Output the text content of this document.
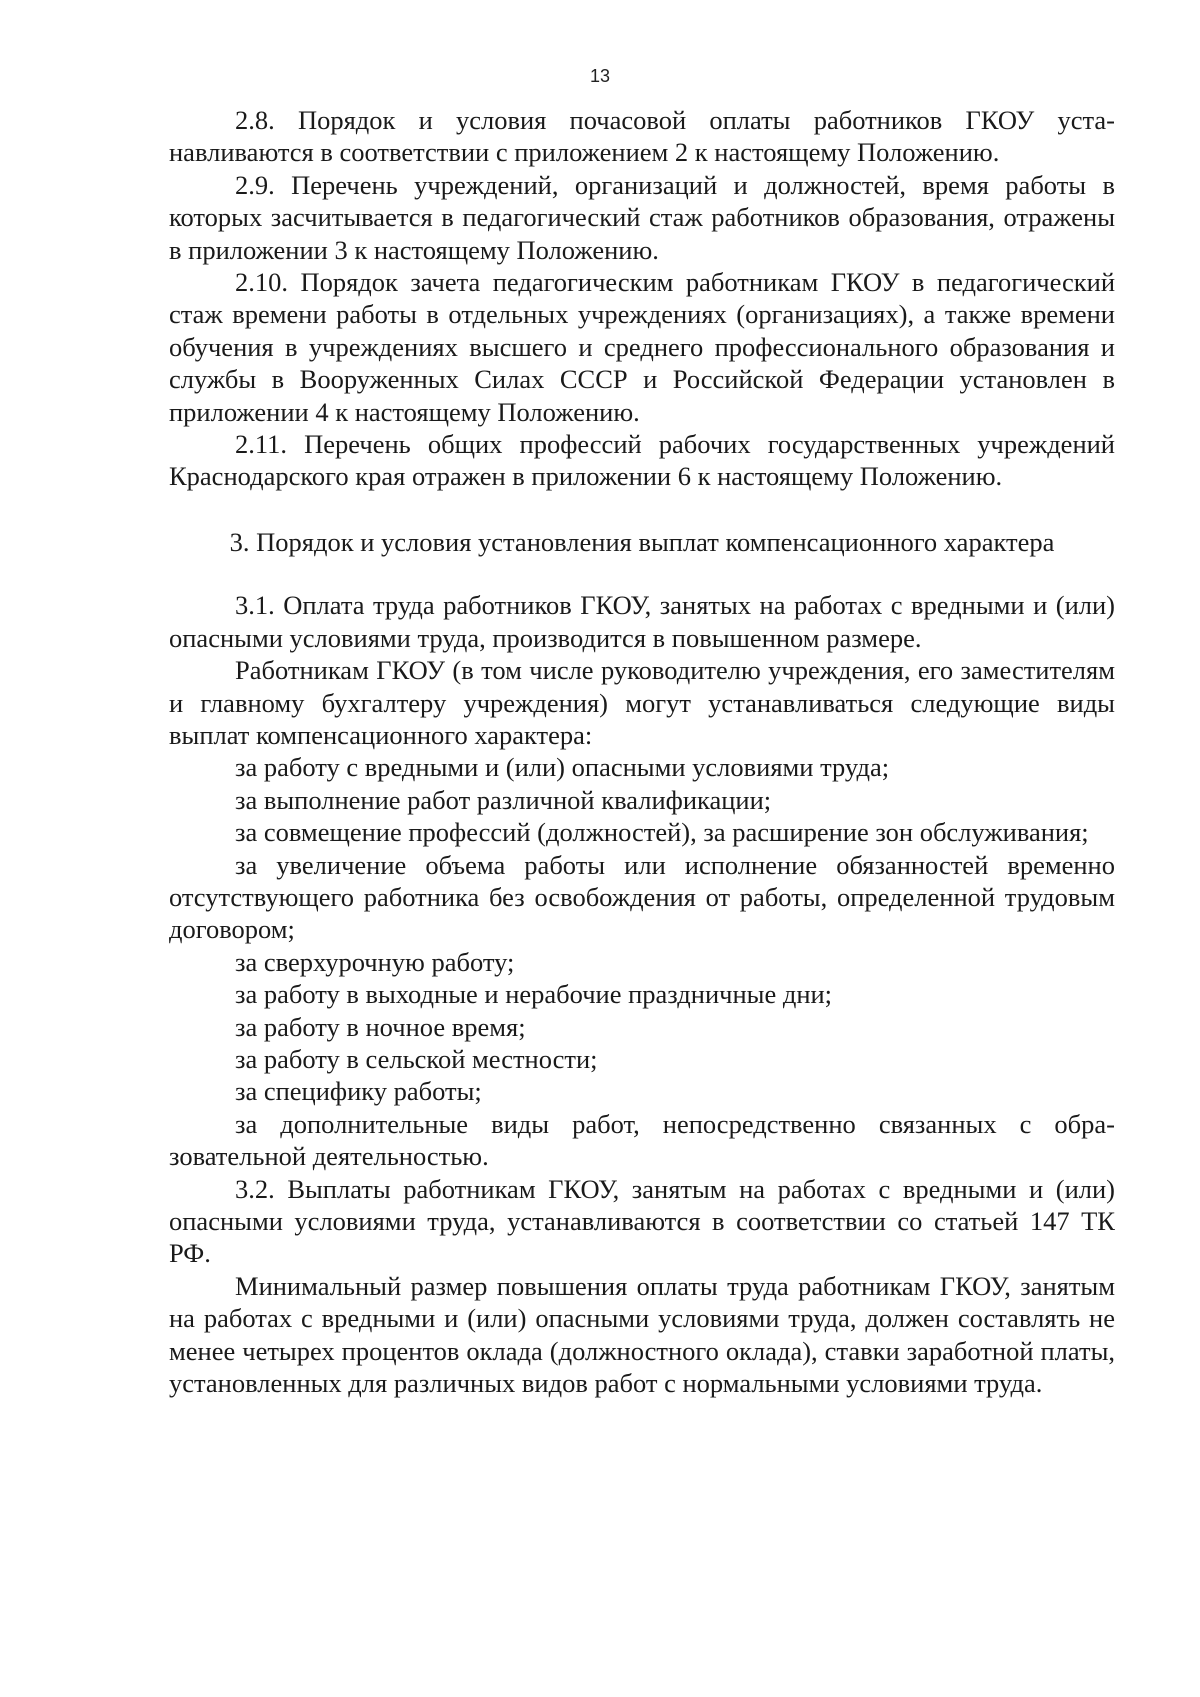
13

2.8. Порядок и условия почасовой оплаты работников ГКОУ устанавливаются в соответствии с приложением 2 к настоящему Положению.

2.9. Перечень учреждений, организаций и должностей, время работы в которых засчитывается в педагогический стаж работников образования, отражены в приложении 3 к настоящему Положению.

2.10. Порядок зачета педагогическим работникам ГКОУ в педагогический стаж времени работы в отдельных учреждениях (организациях), а также времени обучения в учреждениях высшего и среднего профессионального образования и службы в Вооруженных Силах СССР и Российской Федерации установлен в приложении 4 к настоящему Положению.

2.11. Перечень общих профессий рабочих государственных учреждений Краснодарского края отражен в приложении 6 к настоящему Положению.

3. Порядок и условия установления выплат компенсационного характера

3.1. Оплата труда работников ГКОУ, занятых на работах с вредными и (или) опасными условиями труда, производится в повышенном размере.

Работникам ГКОУ (в том числе руководителю учреждения, его заместителям и главному бухгалтеру учреждения) могут устанавливаться следующие виды выплат компенсационного характера:

за работу с вредными и (или) опасными условиями труда;

за выполнение работ различной квалификации;

за совмещение профессий (должностей), за расширение зон обслуживания;

за увеличение объема работы или исполнение обязанностей временно отсутствующего работника без освобождения от работы, определенной трудовым договором;

за сверхурочную работу;

за работу в выходные и нерабочие праздничные дни;

за работу в ночное время;

за работу в сельской местности;

за специфику работы;

за дополнительные виды работ, непосредственно связанных с образовательной деятельностью.

3.2. Выплаты работникам ГКОУ, занятым на работах с вредными и (или) опасными условиями труда, устанавливаются в соответствии со статьей 147 ТК РФ.

Минимальный размер повышения оплаты труда работникам ГКОУ, занятым на работах с вредными и (или) опасными условиями труда, должен составлять не менее четырех процентов оклада (должностного оклада), ставки заработной платы, установленных для различных видов работ с нормальными условиями труда.
